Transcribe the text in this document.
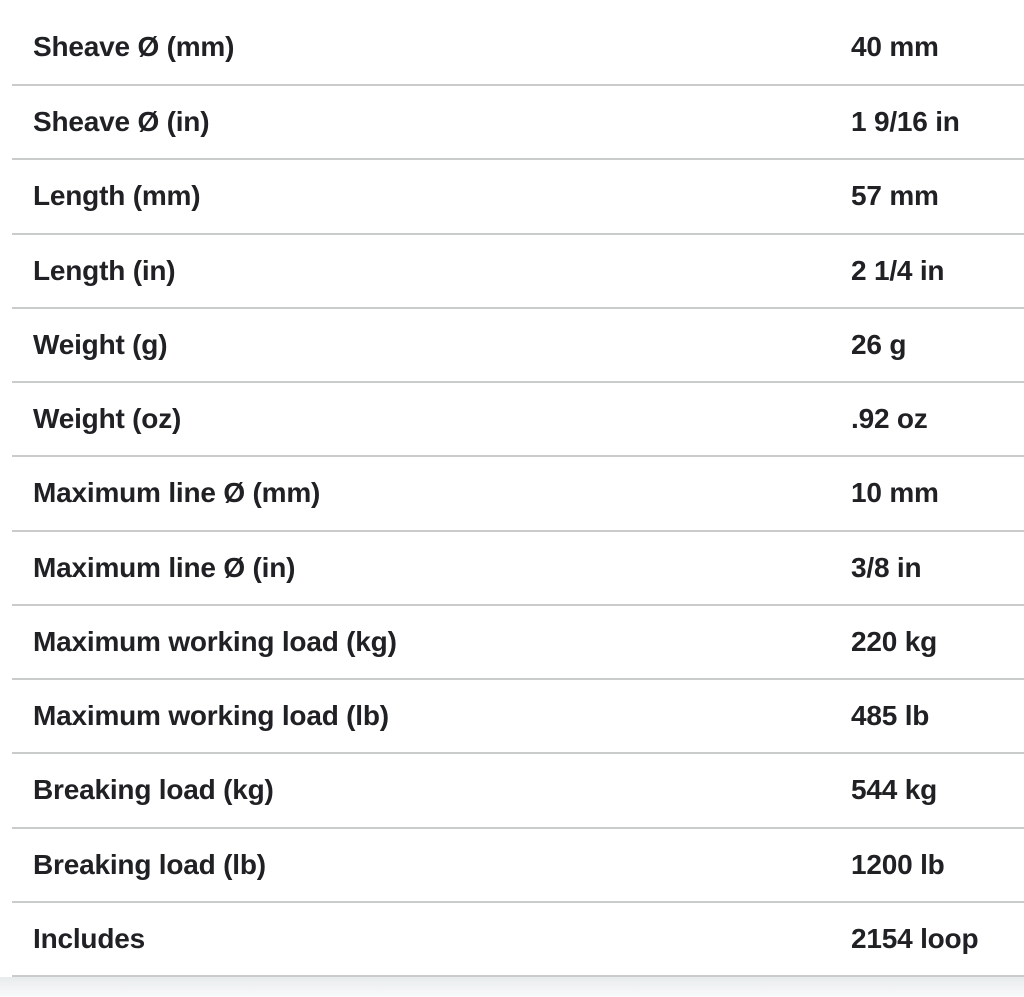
Sheave Ø (mm)	40 mm
Sheave Ø (in)	1 9/16 in
Length (mm)	57 mm
Length (in)	2 1/4 in
Weight (g)	26 g
Weight (oz)	.92 oz
Maximum line Ø (mm)	10 mm
Maximum line Ø (in)	3/8 in
Maximum working load (kg)	220 kg
Maximum working load (lb)	485 lb
Breaking load (kg)	544 kg
Breaking load (lb)	1200 lb
Includes	2154 loop
